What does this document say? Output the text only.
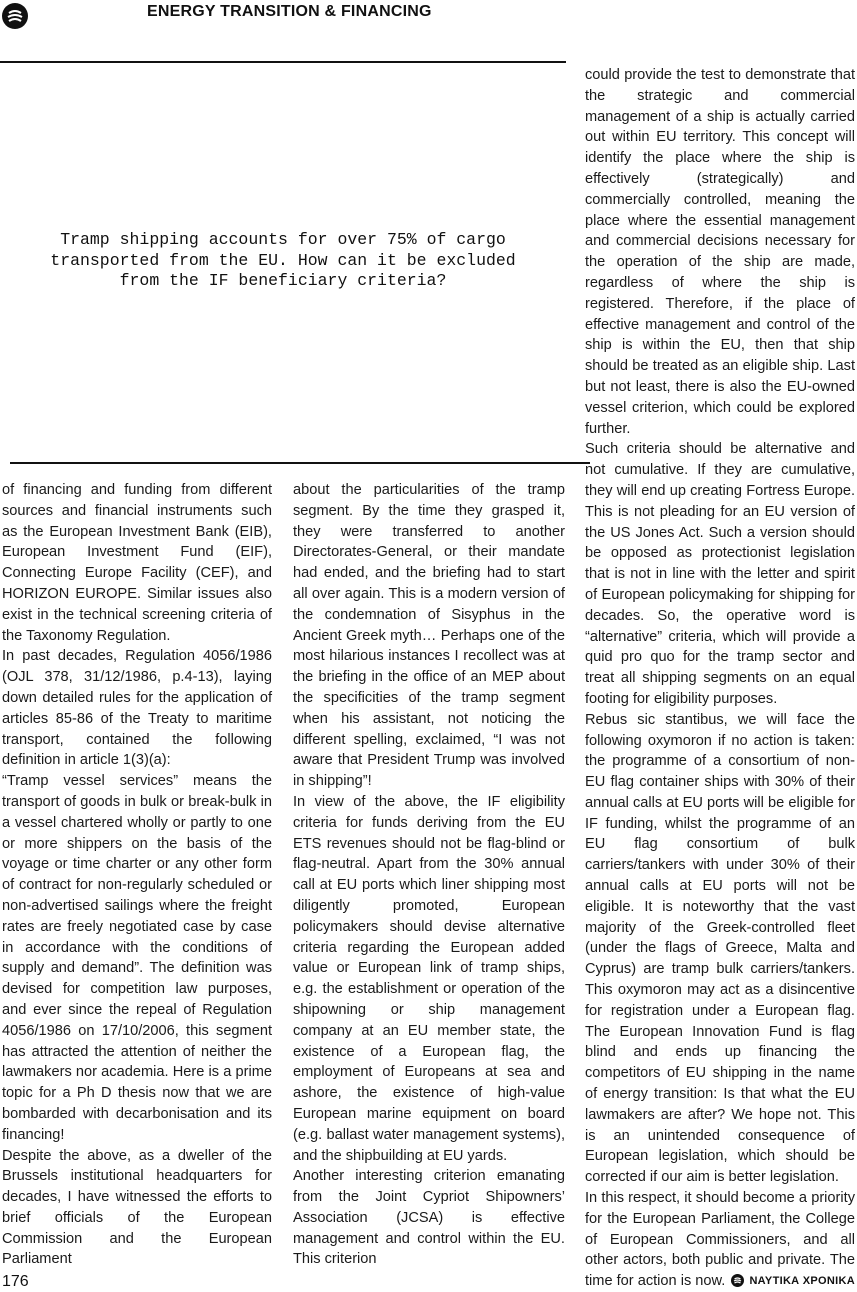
ENERGY TRANSITION & FINANCING

Tramp shipping accounts for over 75% of cargo transported from the EU. How can it be excluded from the IF beneficiary criteria?

of financing and funding from different sources and financial instruments such as the European Investment Bank (EIB), European Investment Fund (EIF), Connecting Europe Facility (CEF), and HORIZON EUROPE. Similar issues also exist in the technical screening criteria of the Taxonomy Regulation.

In past decades, Regulation 4056/1986 (OJL 378, 31/12/1986, p.4-13), laying down detailed rules for the application of articles 85-86 of the Treaty to maritime transport, contained the following definition in article 1(3)(a):

“Tramp vessel services” means the transport of goods in bulk or break-bulk in a vessel chartered wholly or partly to one or more shippers on the basis of the voyage or time charter or any other form of contract for non-regularly scheduled or non-advertised sailings where the freight rates are freely negotiated case by case in accordance with the conditions of supply and demand”. The definition was devised for competition law purposes, and ever since the repeal of Regulation 4056/1986 on 17/10/2006, this segment has attracted the attention of neither the lawmakers nor academia. Here is a prime topic for a Ph D thesis now that we are bombarded with decarbonisation and its financing!

Despite the above, as a dweller of the Brussels institutional headquarters for decades, I have witnessed the efforts to brief officials of the European Commission and the European Parliament

about the particularities of the tramp segment. By the time they grasped it, they were transferred to another Directorates-General, or their mandate had ended, and the briefing had to start all over again. This is a modern version of the condemnation of Sisyphus in the Ancient Greek myth… Perhaps one of the most hilarious instances I recollect was at the briefing in the office of an MEP about the specificities of the tramp segment when his assistant, not noticing the different spelling, exclaimed, “I was not aware that President Trump was involved in shipping”!

In view of the above, the IF eligibility criteria for funds deriving from the EU ETS revenues should not be flag-blind or flag-neutral. Apart from the 30% annual call at EU ports which liner shipping most diligently promoted, European policymakers should devise alternative criteria regarding the European added value or European link of tramp ships, e.g. the establishment or operation of the shipowning or ship management company at an EU member state, the existence of a European flag, the employment of Europeans at sea and ashore, the existence of high-value European marine equipment on board (e.g. ballast water management systems), and the shipbuilding at EU yards.

Another interesting criterion emanating from the Joint Cypriot Shipowners’ Association (JCSA) is effective management and control within the EU. This criterion

could provide the test to demonstrate that the strategic and commercial management of a ship is actually carried out within EU territory. This concept will identify the place where the ship is effectively (strategically) and commercially controlled, meaning the place where the essential management and commercial decisions necessary for the operation of the ship are made, regardless of where the ship is registered. Therefore, if the place of effective management and control of the ship is within the EU, then that ship should be treated as an eligible ship. Last but not least, there is also the EU-owned vessel criterion, which could be explored further.

Such criteria should be alternative and not cumulative. If they are cumulative, they will end up creating Fortress Europe. This is not pleading for an EU version of the US Jones Act. Such a version should be opposed as protectionist legislation that is not in line with the letter and spirit of European policymaking for shipping for decades. So, the operative word is “alternative” criteria, which will provide a quid pro quo for the tramp sector and treat all shipping segments on an equal footing for eligibility purposes.

Rebus sic stantibus, we will face the following oxymoron if no action is taken: the programme of a consortium of non-EU flag container ships with 30% of their annual calls at EU ports will be eligible for IF funding, whilst the programme of an EU flag consortium of bulk carriers/tankers with under 30% of their annual calls at EU ports will not be eligible. It is noteworthy that the vast majority of the Greek-controlled fleet (under the flags of Greece, Malta and Cyprus) are tramp bulk carriers/tankers. This oxymoron may act as a disincentive for registration under a European flag. The European Innovation Fund is flag blind and ends up financing the competitors of EU shipping in the name of energy transition: Is that what the EU lawmakers are after? We hope not. This is an unintended consequence of European legislation, which should be corrected if our aim is better legislation.

In this respect, it should become a priority for the European Parliament, the College of European Commissioners, and all other actors, both public and private. The time for action is now.

176	ΝΑΥΤΙΚΑ ΧΡΟΝΙΚΑ
